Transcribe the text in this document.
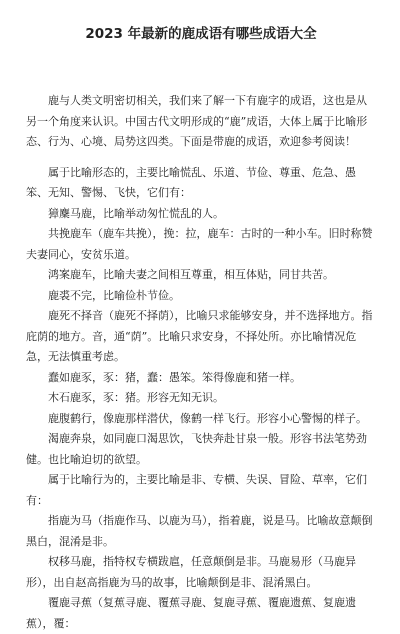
2023 年最新的鹿成语有哪些成语大全

鹿与人类文明密切相关，我们来了解一下有鹿字的成语，这也是从另一个角度来认识。中国古代文明形成的“鹿”成语，大体上属于比喻形态、行为、心境、局势这四类。下面是带鹿的成语，欢迎参考阅读！

属于比喻形态的，主要比喻慌乱、乐道、节俭、尊重、危急、愚笨、无知、警惕、飞快，它们有：

獐麇马鹿，比喻举动匆忙慌乱的人。

共挽鹿车（鹿车共挽），挽：拉，鹿车：古时的一种小车。旧时称赞夫妻同心，安贫乐道。

鸿案鹿车，比喻夫妻之间相互尊重，相互体贴，同甘共苦。

鹿裘不完，比喻俭朴节俭。

鹿死不择音（鹿死不择荫），比喻只求能够安身，并不选择地方。指庇荫的地方。音，通“荫”。比喻只求安身，不择处所。亦比喻情况危急，无法慎重考虑。

蠢如鹿豕，豕：猪，蠢：愚笨。笨得像鹿和猪一样。

木石鹿豕，豕：猪。形容无知无识。

鹿腹鹤行，像鹿那样潜伏，像鹤一样飞行。形容小心警惕的样子。

渴鹿奔泉，如同鹿口渴思饮，飞快奔赴甘泉一般。形容书法笔势劲健。也比喻迫切的欲望。

属于比喻行为的，主要比喻是非、专横、失误、冒险、草率，它们有：

指鹿为马（指鹿作马、以鹿为马），指着鹿，说是马。比喻故意颠倒黑白，混淆是非。

权移马鹿，指特权专横跋扈，任意颠倒是非。马鹿易形（马鹿异形），出自赵高指鹿为马的故事，比喻颠倒是非、混淆黑白。

覆鹿寻蕉（复蕉寻鹿、覆蕉寻鹿、复鹿寻蕉、覆鹿遗蕉、复鹿遗蕉），覆：
